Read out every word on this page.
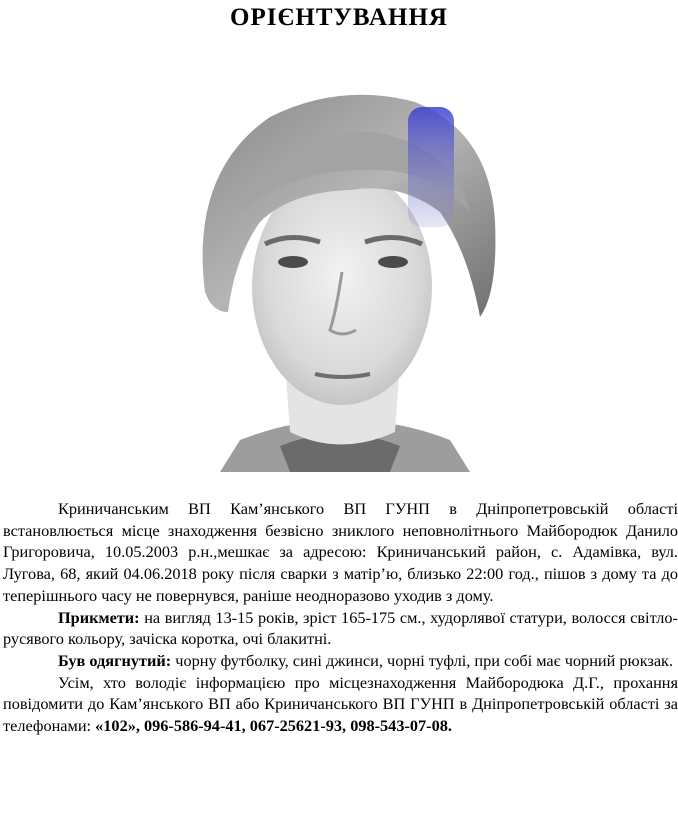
ОРІЄНТУВАННЯ

Криничанським ВП Кам’янського ВП ГУНП в Дніпропетровській області встановлюється місце знаходження безвісно зниклого неповнолітнього Майбородюк Данило Григоровича, 10.05.2003 р.н.,мешкає за адресою: Криничанський район, с. Адамівка, вул. Лугова, 68, який 04.06.2018 року після сварки з матір’ю, близько 22:00 год., пішов з дому та до теперішнього часу не повернувся, раніше неодноразово уходив з дому.

Прикмети: на вигляд 13-15 років, зріст 165-175 см., худорлявої статури, волосся світло-русявого кольору, зачіска коротка, очі блакитні.

Був одягнутий: чорну футболку, сині джинси, чорні туфлі, при собі має чорний рюкзак.

Усім, хто володіє інформацією про місцезнаходження Майбородюка Д.Г., прохання повідомити до Кам’янського ВП або Криничанського ВП ГУНП в Дніпропетровській області за телефонами: «102», 096-586-94-41, 067-25621-93, 098-543-07-08.
